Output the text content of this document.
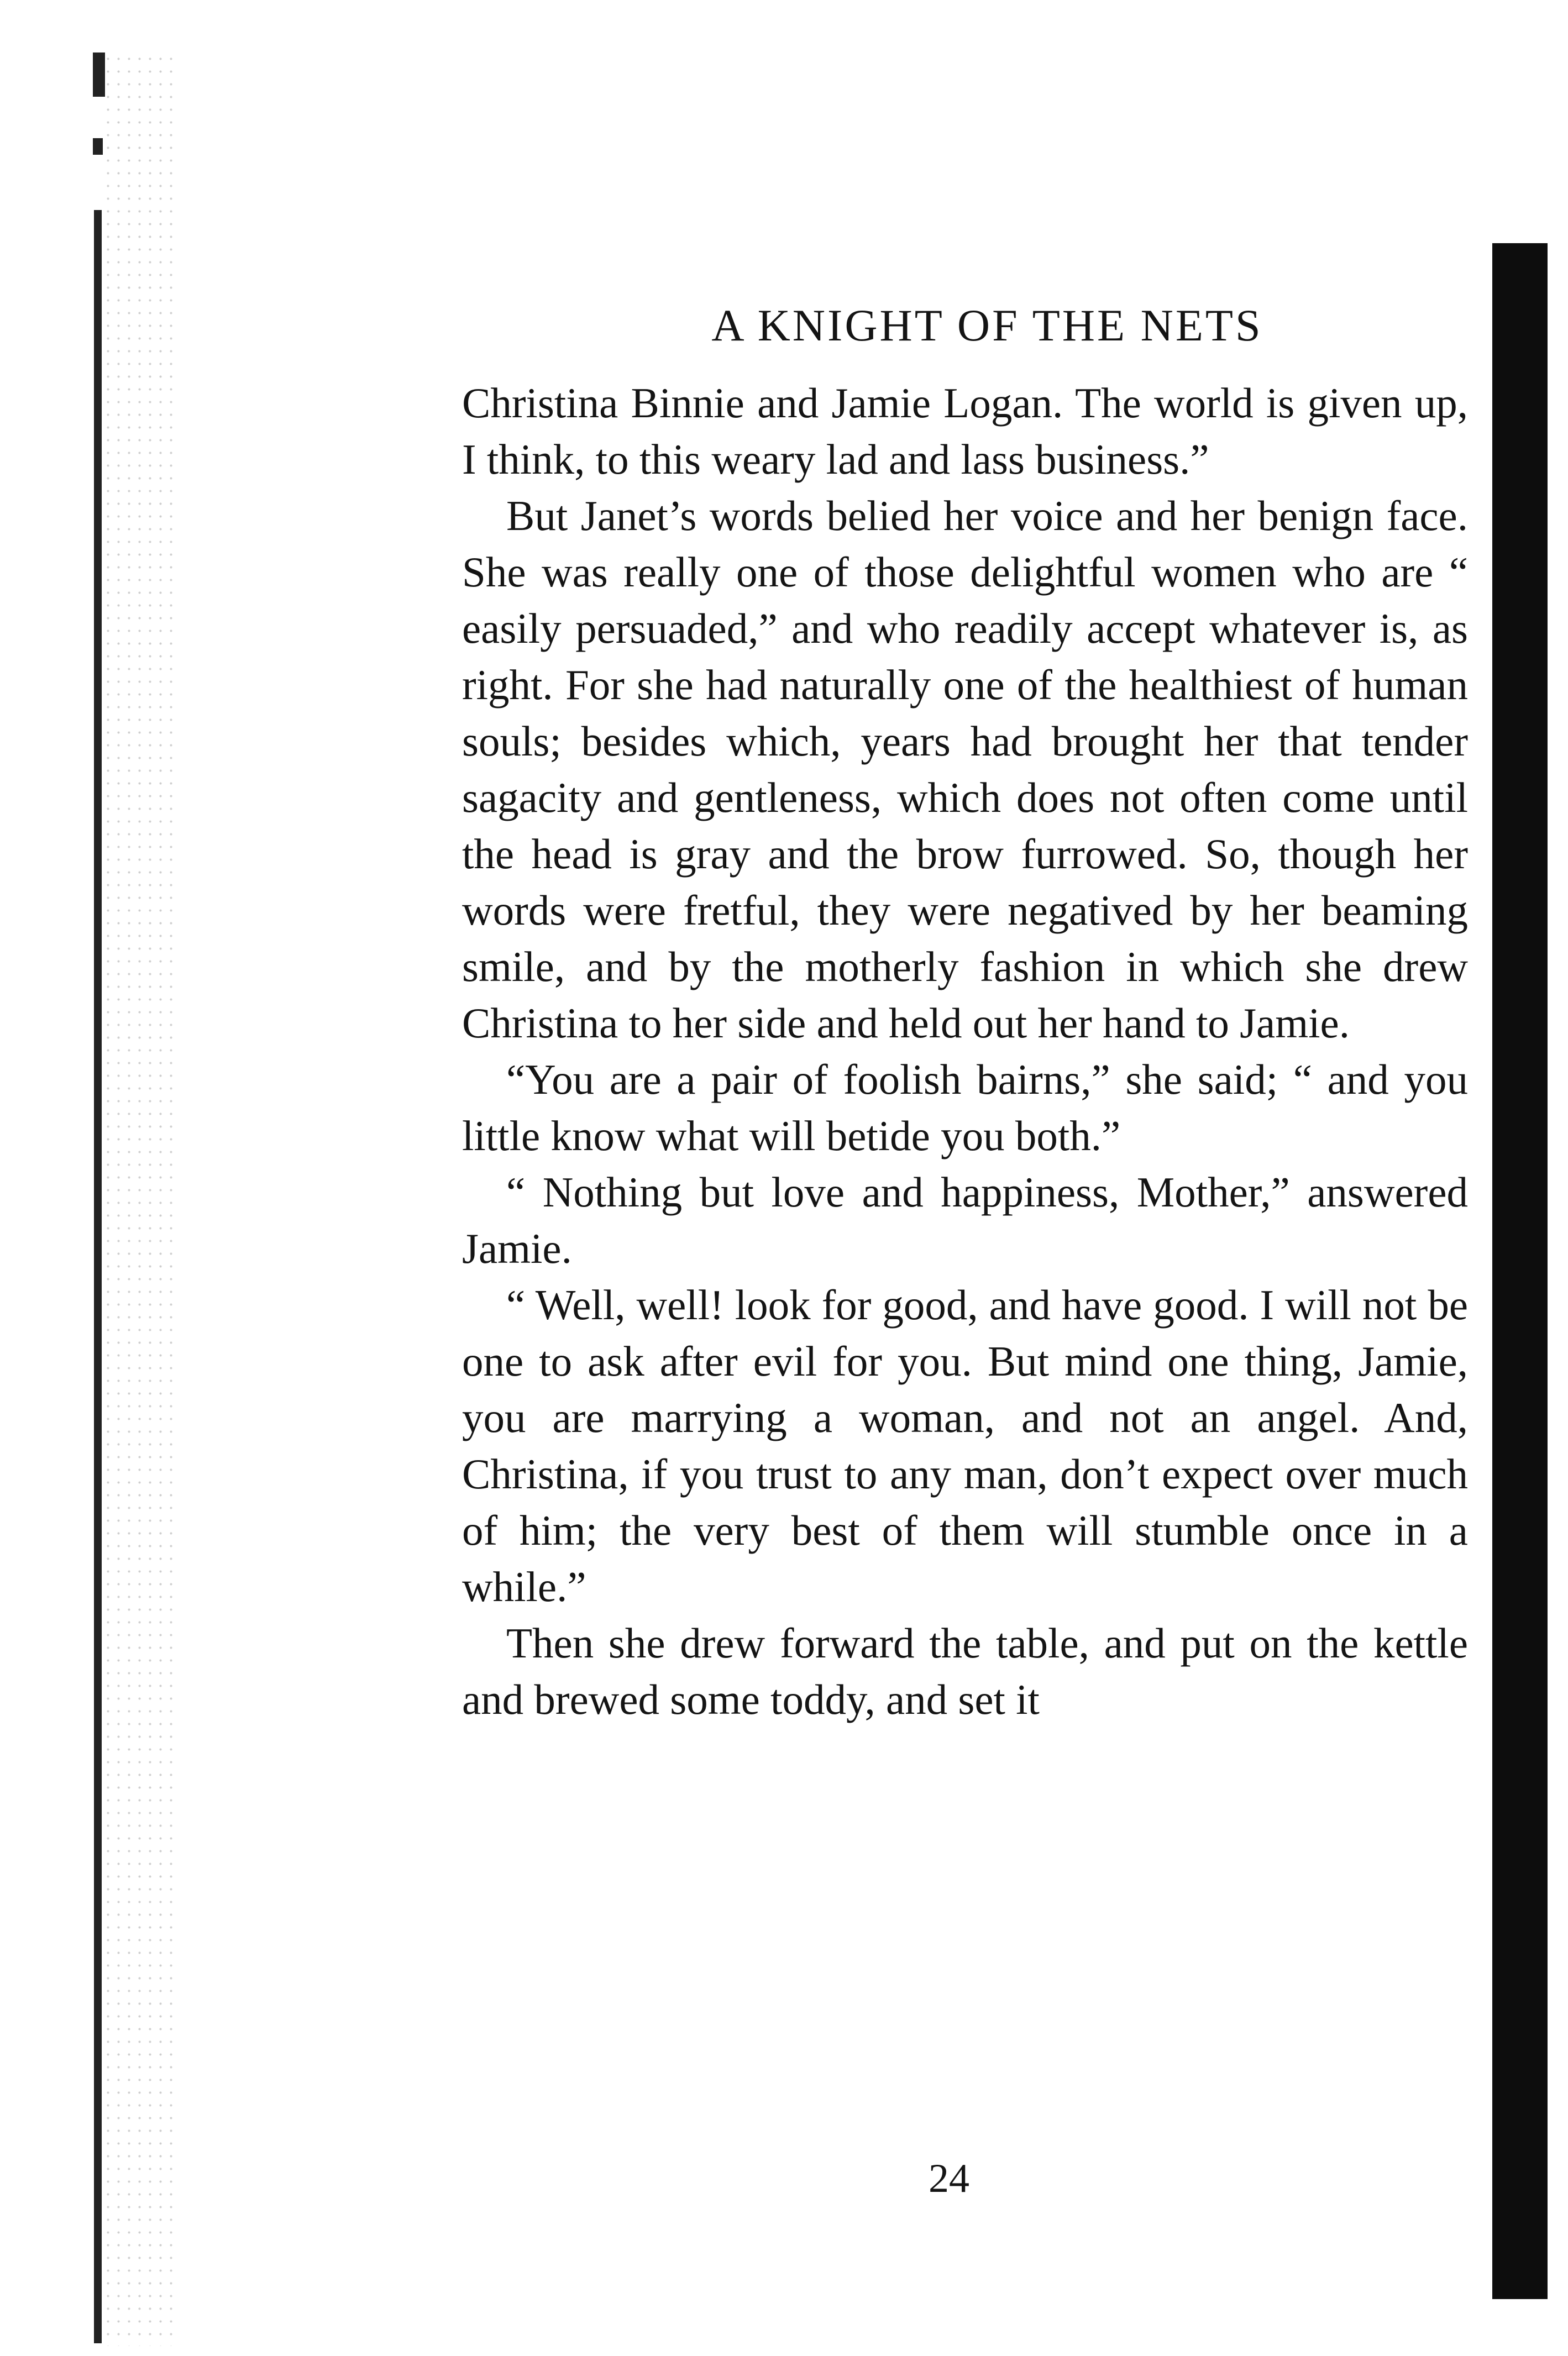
A KNIGHT OF THE NETS

Christina Binnie and Jamie Logan. The world is given up, I think, to this weary lad and lass business.”

But Janet’s words belied her voice and her benign face. She was really one of those delightful women who are “ easily persuaded,” and who readily accept whatever is, as right. For she had naturally one of the healthiest of human souls; besides which, years had brought her that tender sagacity and gentleness, which does not often come until the head is gray and the brow furrowed. So, though her words were fretful, they were negatived by her beaming smile, and by the motherly fashion in which she drew Christina to her side and held out her hand to Jamie.

“You are a pair of foolish bairns,” she said; “ and you little know what will betide you both.”

“ Nothing but love and happiness, Mother,” answered Jamie.

“ Well, well! look for good, and have good. I will not be one to ask after evil for you. But mind one thing, Jamie, you are marrying a woman, and not an angel. And, Christina, if you trust to any man, don’t expect over much of him; the very best of them will stumble once in a while.”

Then she drew forward the table, and put on the kettle and brewed some toddy, and set it

24
